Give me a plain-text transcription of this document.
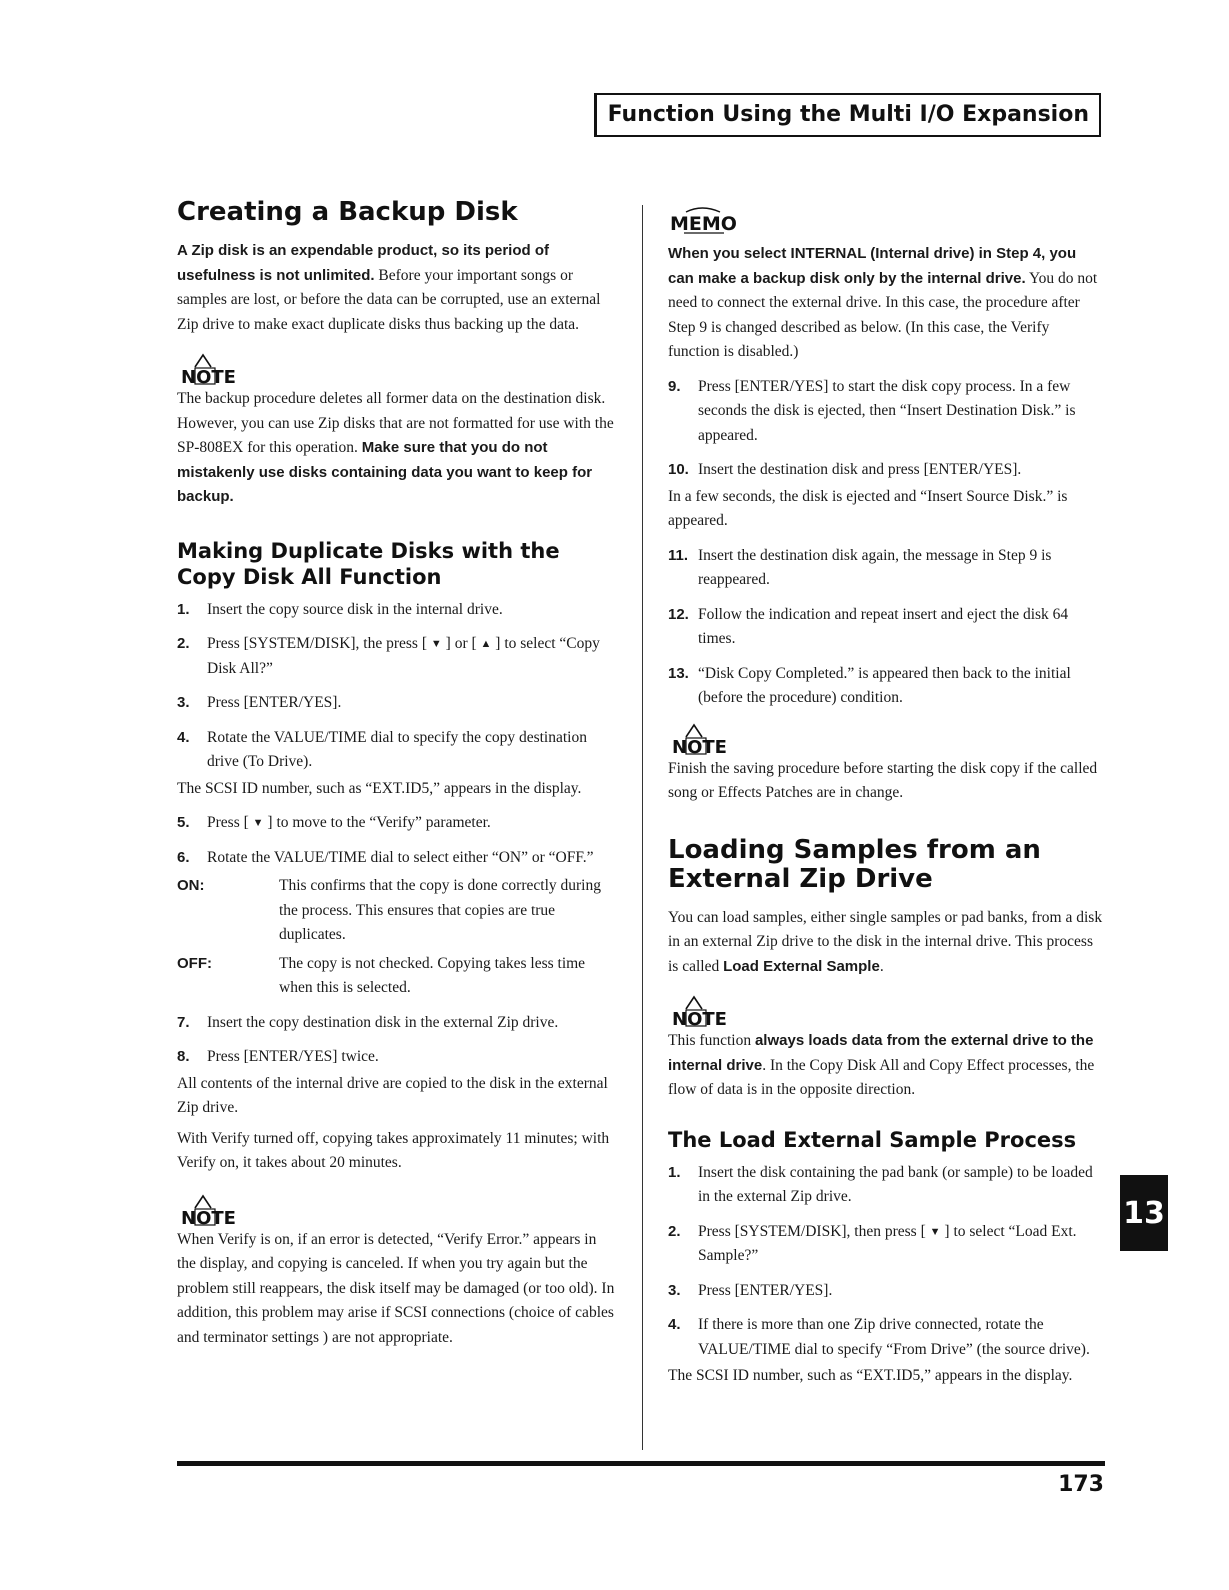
Function Using the Multi I/O Expansion
Creating a Backup Disk

A Zip disk is an expendable product, so its period of usefulness is not unlimited. Before your important songs or samples are lost, or before the data can be corrupted, use an external Zip drive to make exact duplicate disks thus backing up the data.

NOTE

The backup procedure deletes all former data on the destination disk. However, you can use Zip disks that are not formatted for use with the SP-808EX for this operation. Make sure that you do not mistakenly use disks containing data you want to keep for backup.

Making Duplicate Disks with the Copy Disk All Function
1.	Insert the copy source disk in the internal drive.
2.	Press [SYSTEM/DISK], the press [ ▼ ] or [ ▲ ] to select “Copy Disk All?”
3.	Press [ENTER/YES].
4.	Rotate the VALUE/TIME dial to specify the copy destination drive (To Drive).

The SCSI ID number, such as “EXT.ID5,” appears in the display.

5.	Press [ ▼ ] to move to the “Verify” parameter.
6.	Rotate the VALUE/TIME dial to select either “ON” or “OFF.”
ON:	This confirms that the copy is done correctly during the process. This ensures that copies are true duplicates.
OFF:	The copy is not checked. Copying takes less time when this is selected.
7.	Insert the copy destination disk in the external Zip drive.
8.	Press [ENTER/YES] twice.

All contents of the internal drive are copied to the disk in the external Zip drive.

With Verify turned off, copying takes approximately 11 minutes; with Verify on, it takes about 20 minutes.

NOTE

When Verify is on, if an error is detected, “Verify Error.” appears in the display, and copying is canceled. If when you try again but the problem still reappears, the disk itself may be damaged (or too old). In addition, this problem may arise if SCSI connections (choice of cables and terminator settings ) are not appropriate.

MEMO

When you select INTERNAL (Internal drive) in Step 4, you can make a backup disk only by the internal drive. You do not need to connect the external drive. In this case, the procedure after Step 9 is changed described as below. (In this case, the Verify function is disabled.)

9.	Press [ENTER/YES] to start the disk copy process. In a few seconds the disk is ejected, then “Insert Destination Disk.” is appeared.
10. Insert the destination disk and press [ENTER/YES].

In a few seconds, the disk is ejected and “Insert Source Disk.” is appeared.

11. Insert the destination disk again, the message in Step 9 is reappeared.
12. Follow the indication and repeat insert and eject the disk 64 times.
13. “Disk Copy Completed.” is appeared then back to the initial (before the procedure) condition.
NOTE

Finish the saving procedure before starting the disk copy if the called song or Effects Patches are in change.

Loading Samples from an External Zip Drive

You can load samples, either single samples or pad banks, from a disk in an external Zip drive to the disk in the internal drive. This process is called Load External Sample.

NOTE

This function always loads data from the external drive to the internal drive. In the Copy Disk All and Copy Effect processes, the flow of data is in the opposite direction.

The Load External Sample Process
1.	Insert the disk containing the pad bank (or sample) to be loaded in the external Zip drive.
2.	Press [SYSTEM/DISK], then press [ ▼ ] to select “Load Ext. Sample?”
3.	Press [ENTER/YES].
4.	If there is more than one Zip drive connected, rotate the VALUE/TIME dial to specify “From Drive” (the source drive).

The SCSI ID number, such as “EXT.ID5,” appears in the display.

13
173
